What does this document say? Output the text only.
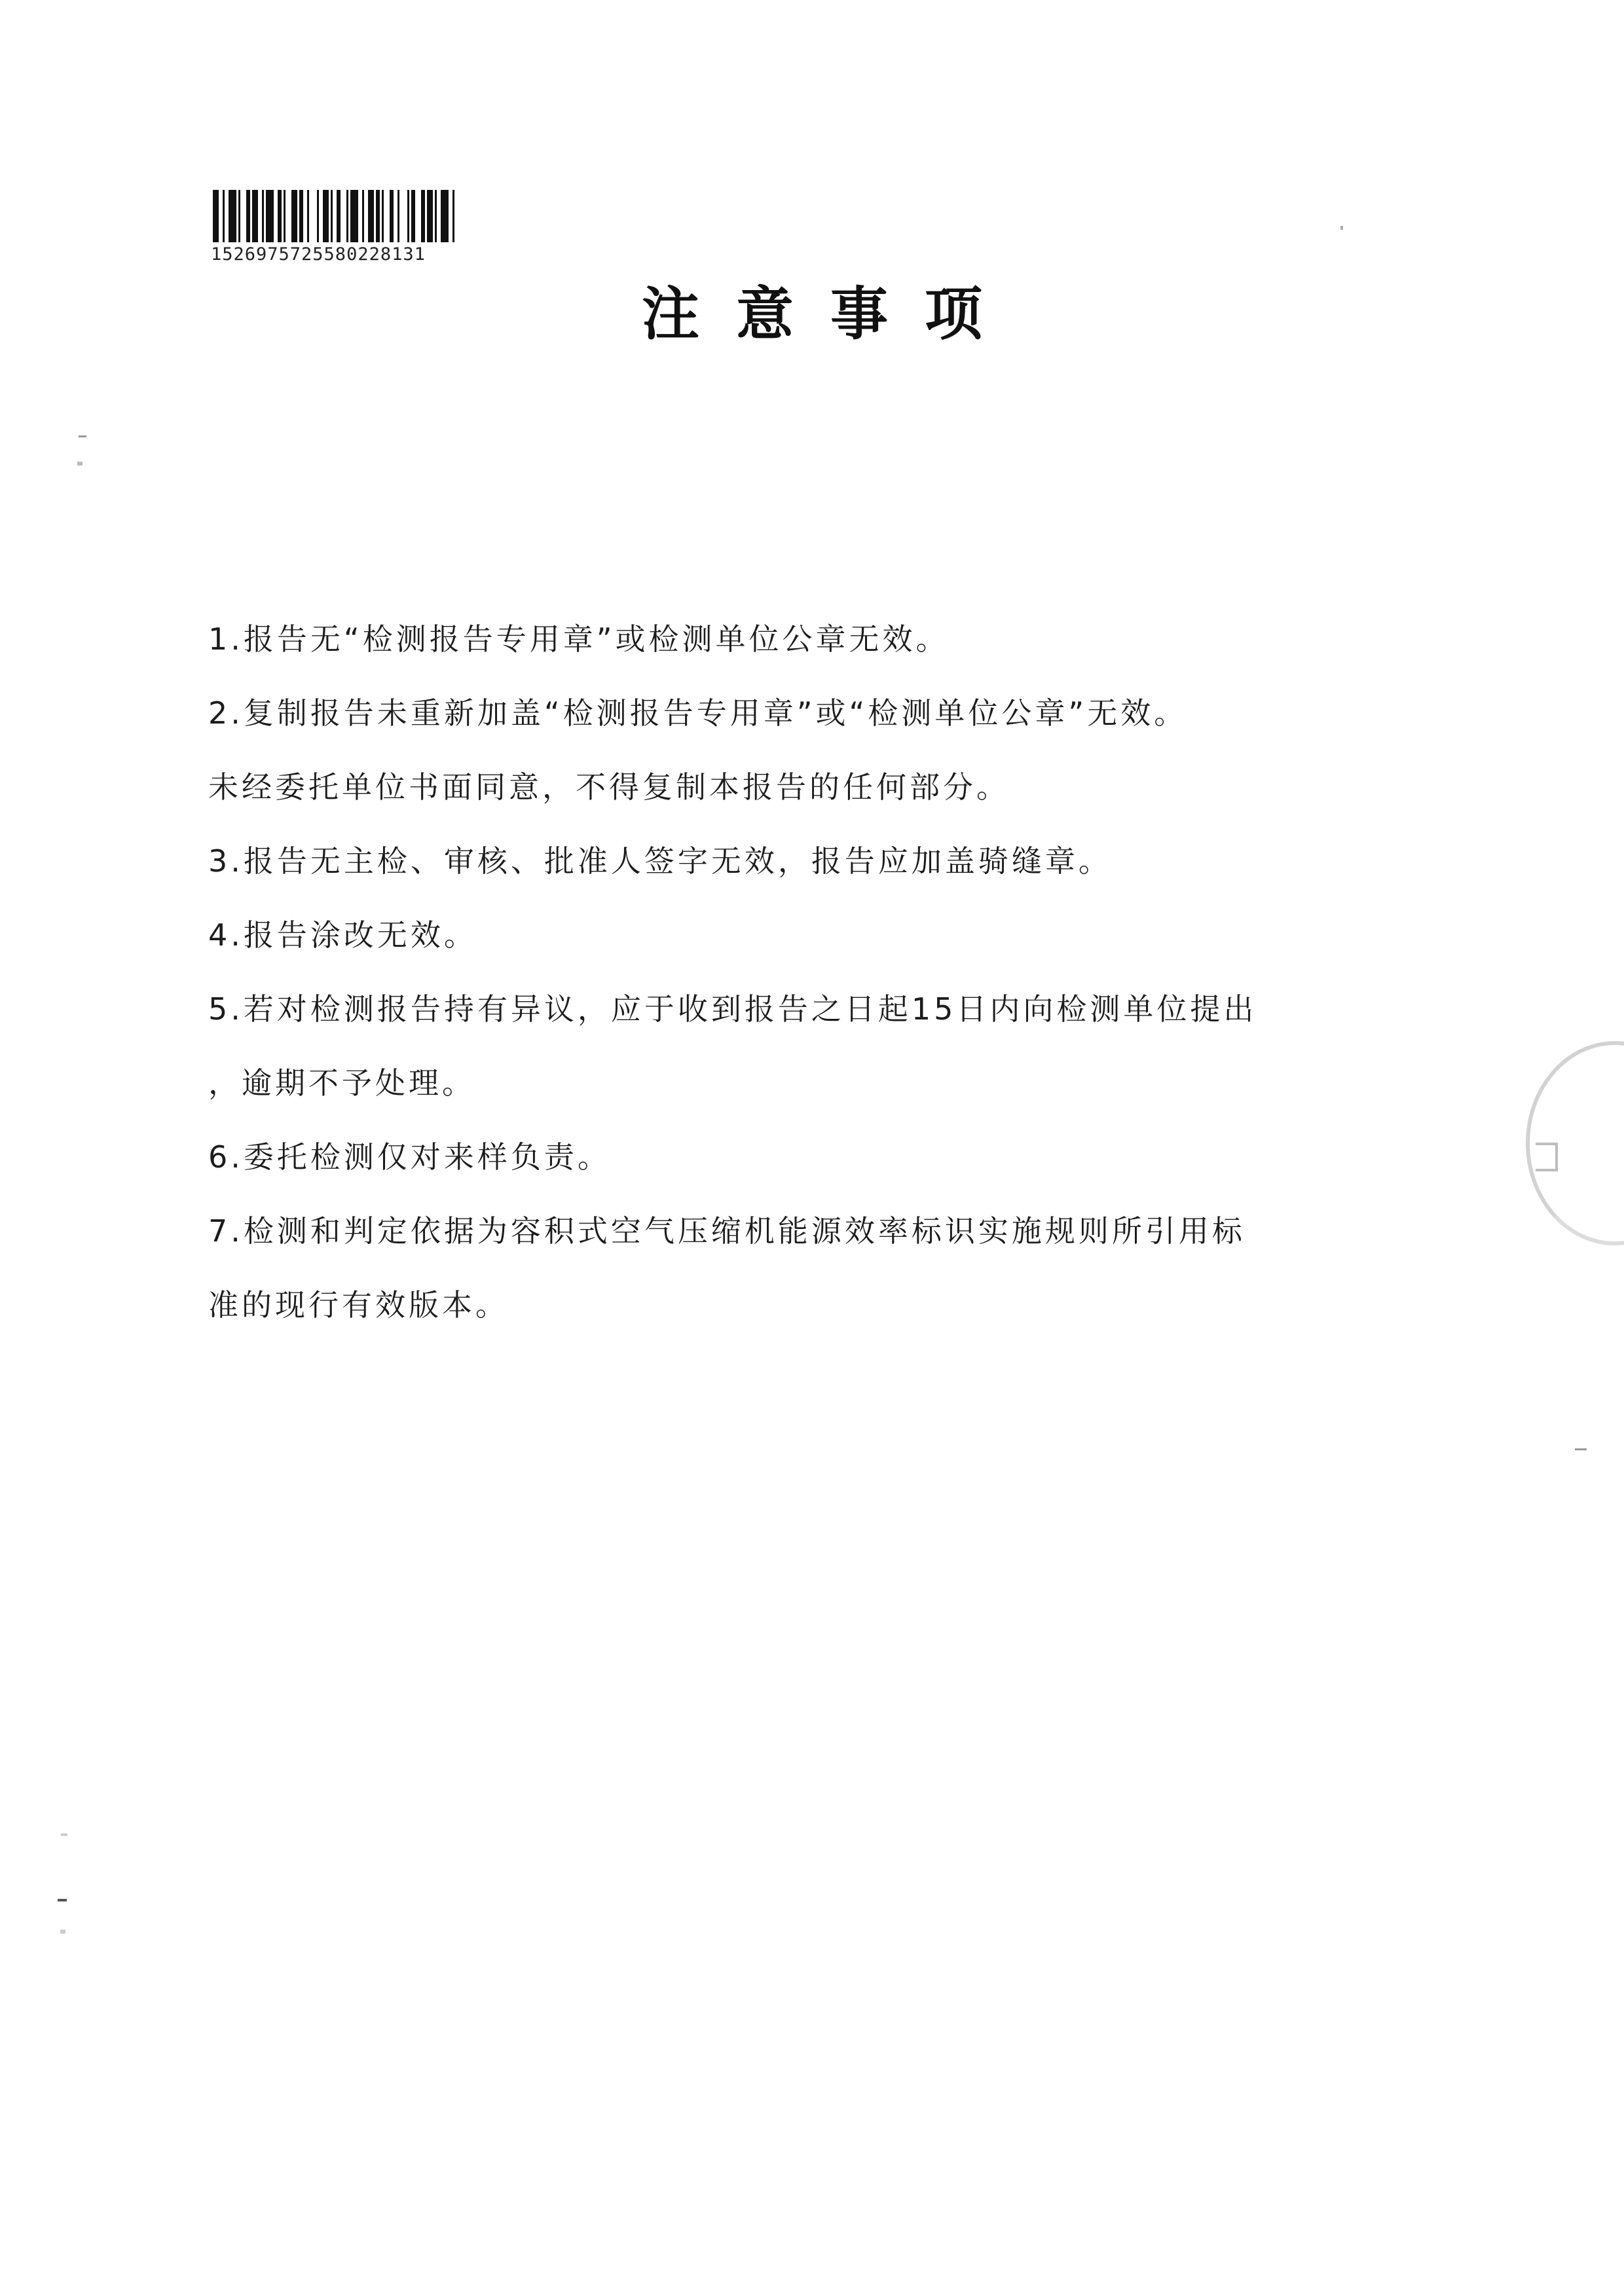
1526975725580228131
注意事项
1.报告无“检测报告专用章”或检测单位公章无效。
2.复制报告未重新加盖“检测报告专用章”或“检测单位公章”无效。
未经委托单位书面同意，不得复制本报告的任何部分。
3.报告无主检、审核、批准人签字无效，报告应加盖骑缝章。
4.报告涂改无效。
5.若对检测报告持有异议，应于收到报告之日起15日内向检测单位提出
，逾期不予处理。
6.委托检测仅对来样负责。
7.检测和判定依据为容积式空气压缩机能源效率标识实施规则所引用标
准的现行有效版本。
